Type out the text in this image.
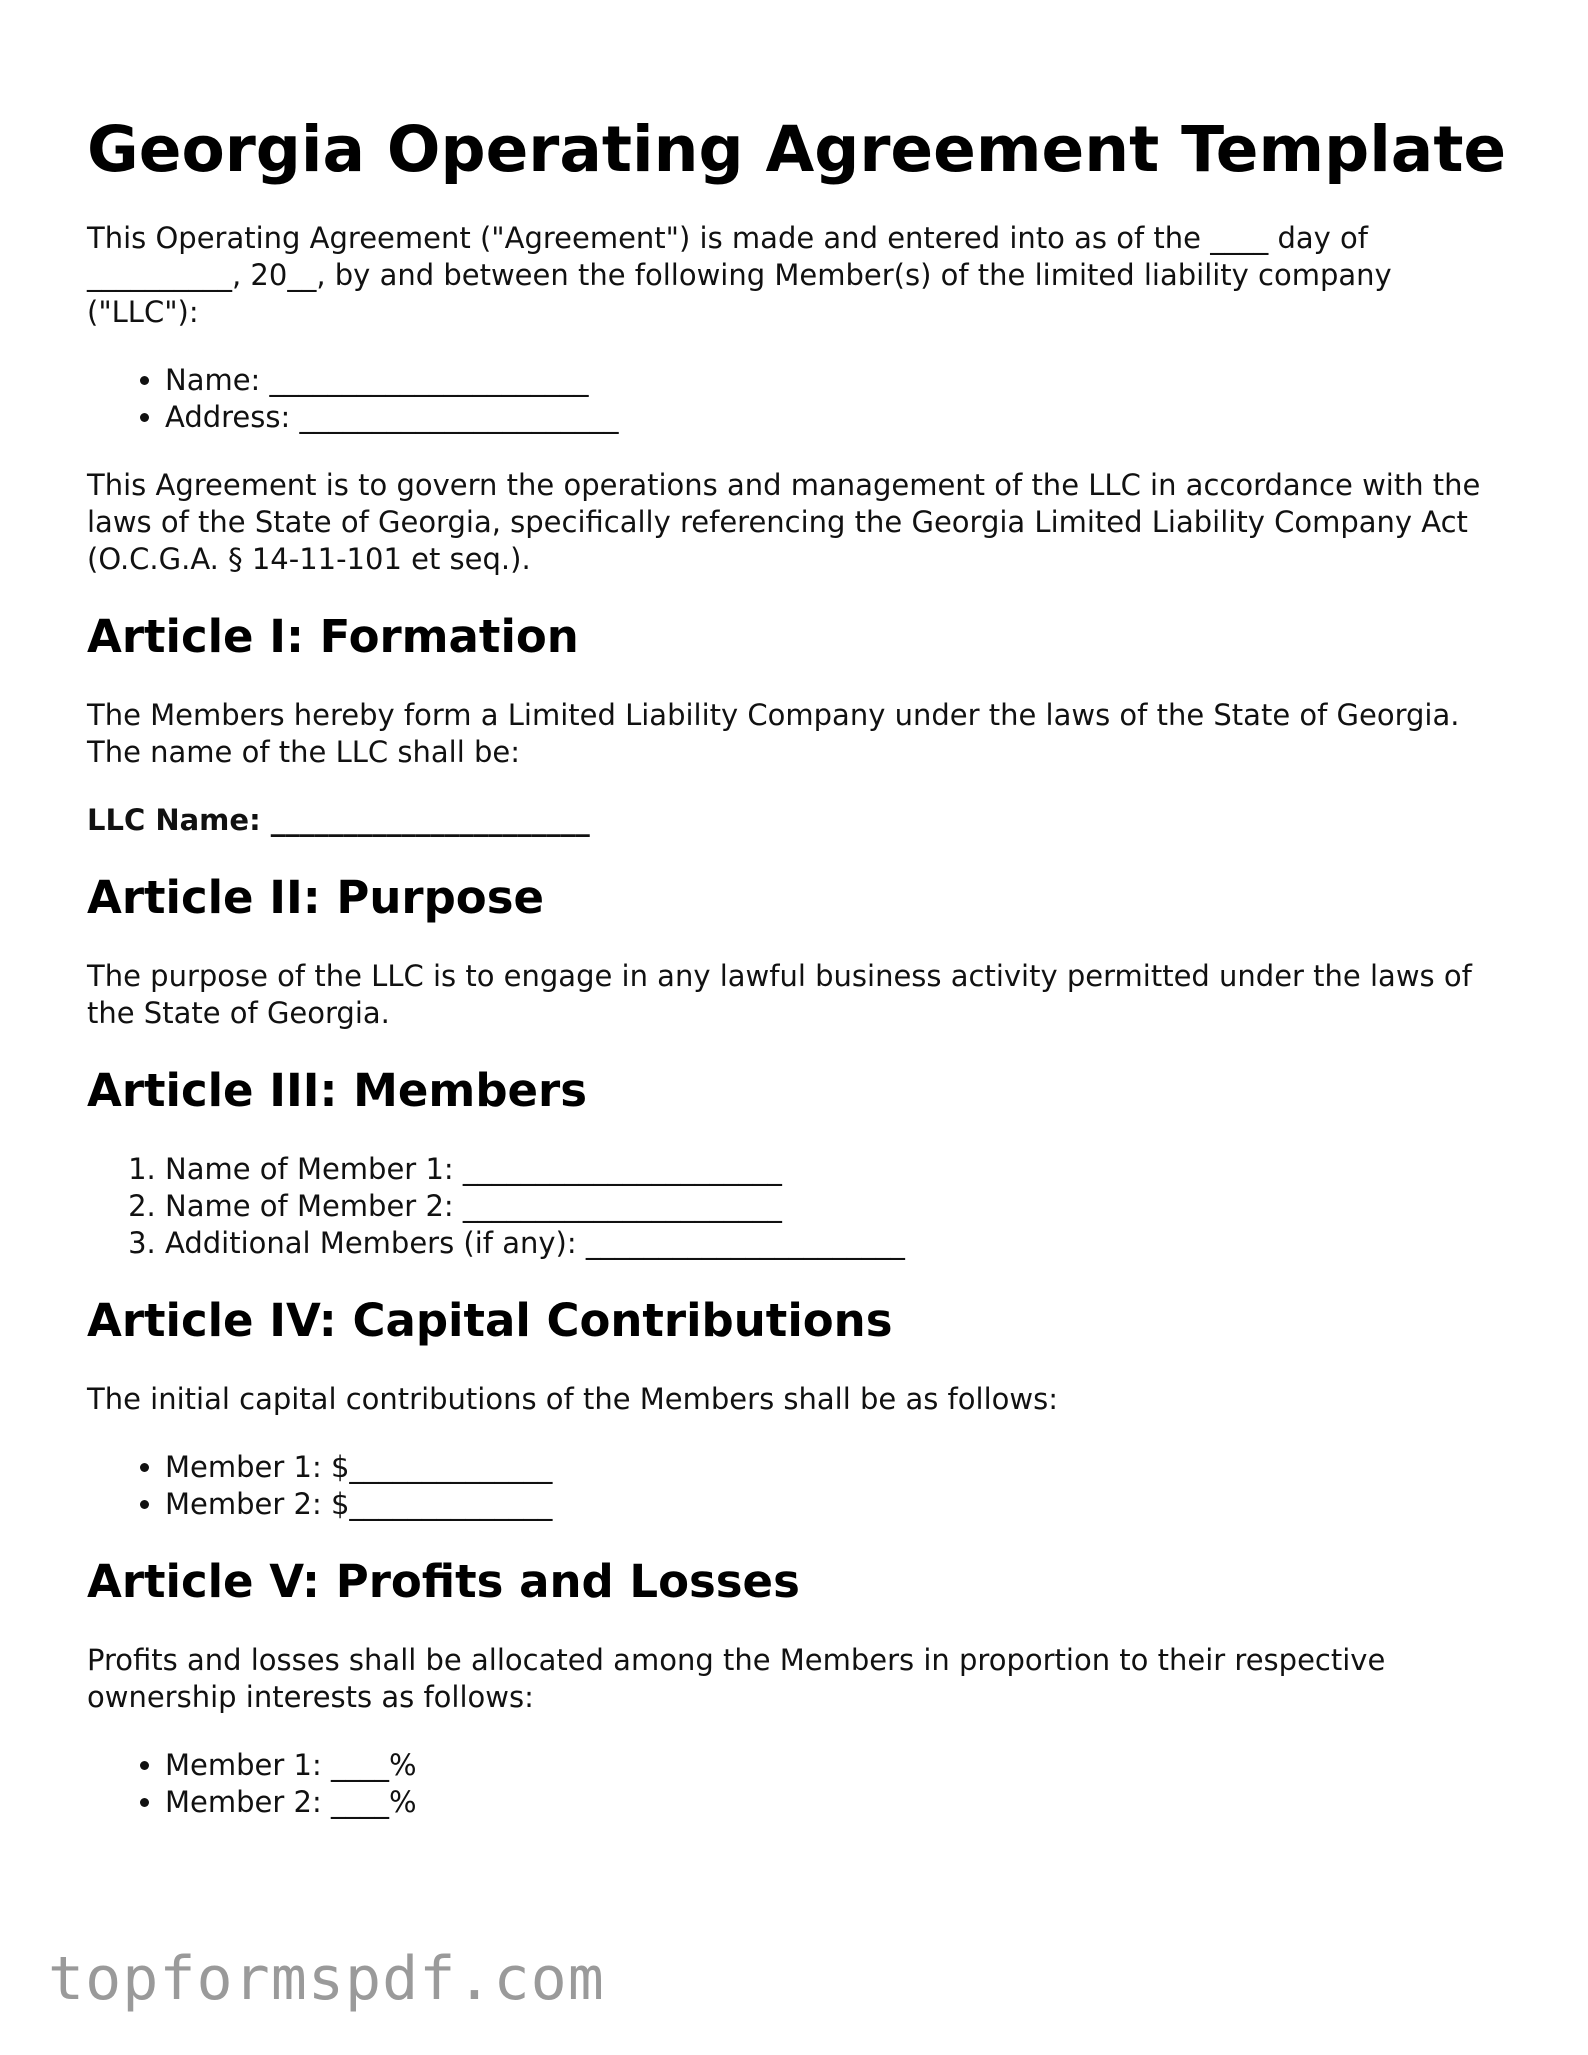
Georgia Operating Agreement Template

This Operating Agreement ("Agreement") is made and entered into as of the ____ day of __________, 20__, by and between the following Member(s) of the limited liability company ("LLC"):

• Name: ______________________
• Address: ______________________

This Agreement is to govern the operations and management of the LLC in accordance with the laws of the State of Georgia, specifically referencing the Georgia Limited Liability Company Act (O.C.G.A. § 14-11-101 et seq.).

Article I: Formation

The Members hereby form a Limited Liability Company under the laws of the State of Georgia. The name of the LLC shall be:

LLC Name: ______________________

Article II: Purpose

The purpose of the LLC is to engage in any lawful business activity permitted under the laws of the State of Georgia.

Article III: Members
1. Name of Member 1: ______________________
2. Name of Member 2: ______________________
3. Additional Members (if any): ______________________
Article IV: Capital Contributions

The initial capital contributions of the Members shall be as follows:

• Member 1: $______________
• Member 2: $______________
Article V: Profits and Losses

Profits and losses shall be allocated among the Members in proportion to their respective ownership interests as follows:

• Member 1: ____%
• Member 2: ____%
topformspdf.com
